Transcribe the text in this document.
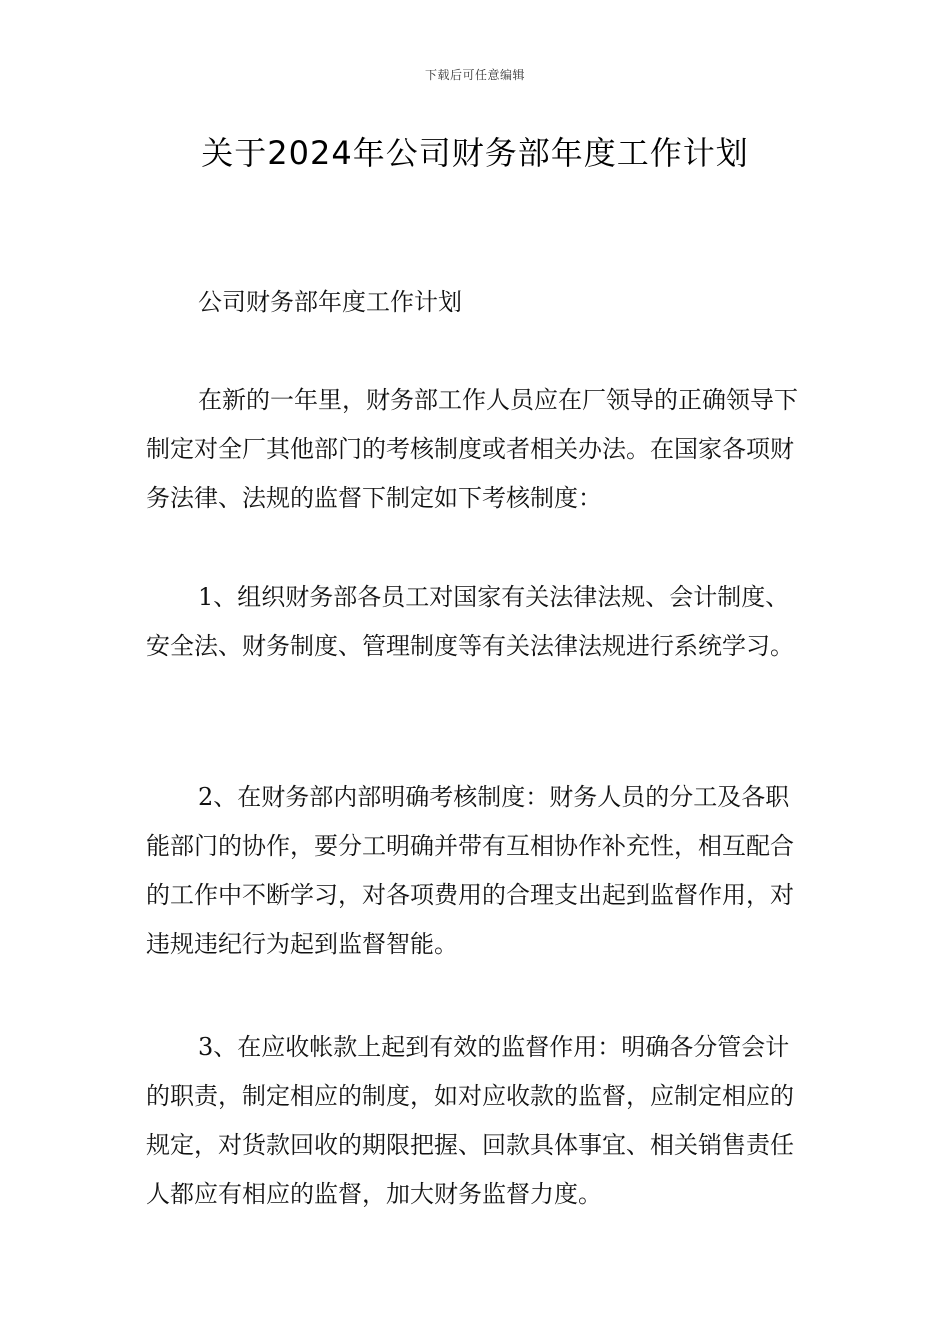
下载后可任意编辑
关于2024年公司财务部年度工作计划

公司财务部年度工作计划

在新的一年里，财务部工作人员应在厂领导的正确领导下制定对全厂其他部门的考核制度或者相关办法。在国家各项财务法律、法规的监督下制定如下考核制度：

1、组织财务部各员工对国家有关法律法规、会计制度、安全法、财务制度、管理制度等有关法律法规进行系统学习。

2、在财务部内部明确考核制度：财务人员的分工及各职能部门的协作，要分工明确并带有互相协作补充性，相互配合的工作中不断学习，对各项费用的合理支出起到监督作用，对违规违纪行为起到监督智能。

3、在应收帐款上起到有效的监督作用：明确各分管会计的职责，制定相应的制度，如对应收款的监督，应制定相应的规定，对货款回收的期限把握、回款具体事宜、相关销售责任人都应有相应的监督，加大财务监督力度。
